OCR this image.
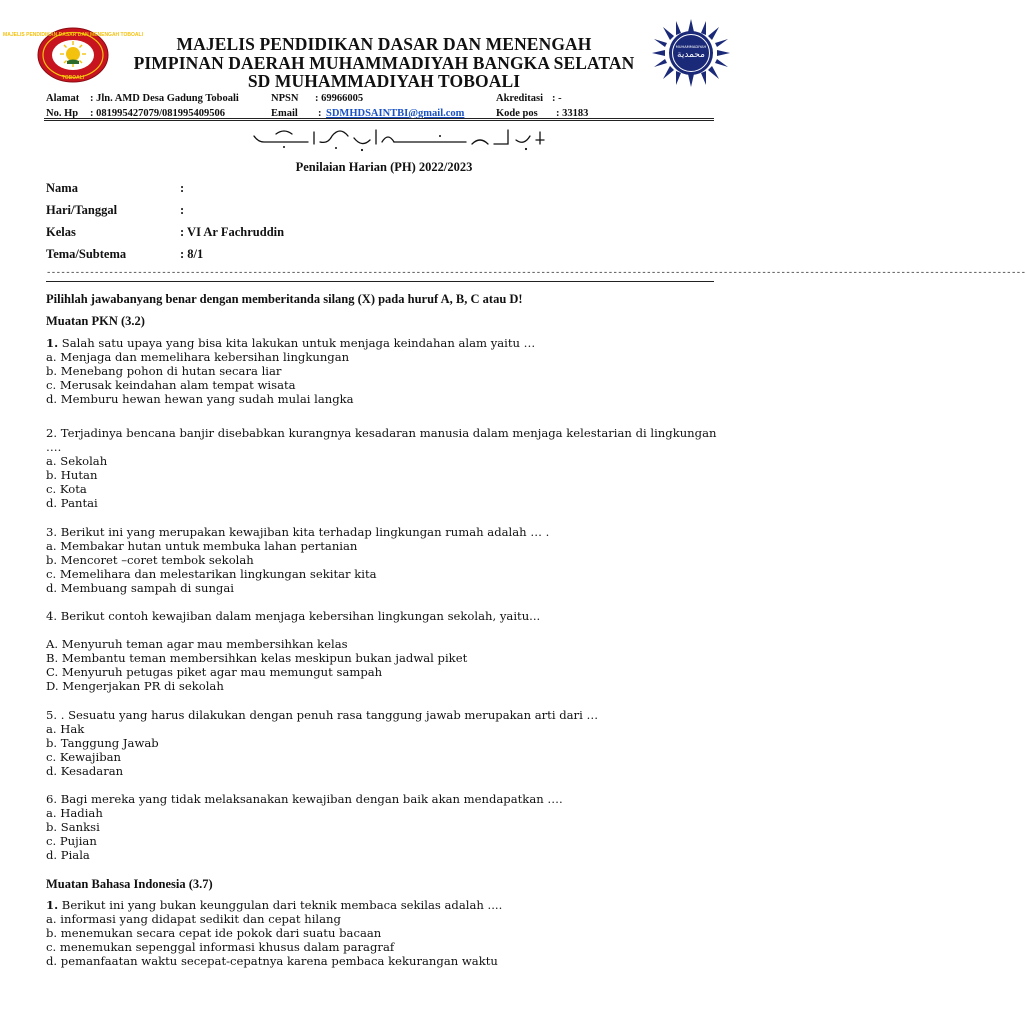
MAJELIS PENDIDIKAN DASAR DAN MENENGAH TOBOALI
TOBOALI
محمدية
MUHAMMADIYAH
MAJELIS PENDIDIKAN DASAR DAN MENENGAH
PIMPINAN DAERAH MUHAMMADIYAH BANGKA SELATAN
SD MUHAMMADIYAH TOBOALI
Alamat : Jln. AMD Desa Gadung Toboali	NPSN : 69966005	Akreditasi : -
No. Hp : 081995427079/081995409506	Email : SDMHDSAINTBI@gmail.com	Kode pos : 33183
Penilaian Harian (PH) 2022/2023
Nama	:
Hari/Tanggal	:
Kelas	: VI Ar Fachruddin
Tema/Subtema	: 8/1
------------------------------------------------------------------------------------------------------------------------------------------------------------------------------------------------------------
Pilihlah jawabanyang benar dengan memberitanda silang (X) pada huruf A, B, C atau D!
Muatan PKN (3.2)
1. Salah satu upaya yang bisa kita lakukan untuk menjaga keindahan alam yaitu …
a. Menjaga dan memelihara kebersihan lingkungan
b. Menebang pohon di hutan secara liar
c. Merusak keindahan alam tempat wisata
d. Memburu hewan hewan yang sudah mulai langka
2. Terjadinya bencana banjir disebabkan kurangnya kesadaran manusia dalam menjaga kelestarian di lingkungan ….
a. Sekolah
b. Hutan
c. Kota
d. Pantai
3. Berikut ini yang merupakan kewajiban kita terhadap lingkungan rumah adalah … .
a. Membakar hutan untuk membuka lahan pertanian
b. Mencoret –coret tembok sekolah
c. Memelihara dan melestarikan lingkungan sekitar kita
d. Membuang sampah di sungai
4. Berikut contoh kewajiban dalam menjaga kebersihan lingkungan sekolah, yaitu...
A. Menyuruh teman agar mau membersihkan kelas
B. Membantu teman membersihkan kelas meskipun bukan jadwal piket
C. Menyuruh petugas piket agar mau memungut sampah
D. Mengerjakan PR di sekolah
5. . Sesuatu yang harus dilakukan dengan penuh rasa tanggung jawab merupakan arti dari …
a. Hak
b. Tanggung Jawab
c. Kewajiban
d. Kesadaran
6. Bagi mereka yang tidak melaksanakan kewajiban dengan baik akan mendapatkan ….
a. Hadiah
b. Sanksi
c. Pujian
d. Piala
Muatan Bahasa Indonesia (3.7)
1. Berikut ini yang bukan keunggulan dari teknik membaca sekilas adalah ....
a. informasi yang didapat sedikit dan cepat hilang
b. menemukan secara cepat ide pokok dari suatu bacaan
c. menemukan sepenggal informasi khusus dalam paragraf
d. pemanfaatan waktu secepat-cepatnya karena pembaca kekurangan waktu
